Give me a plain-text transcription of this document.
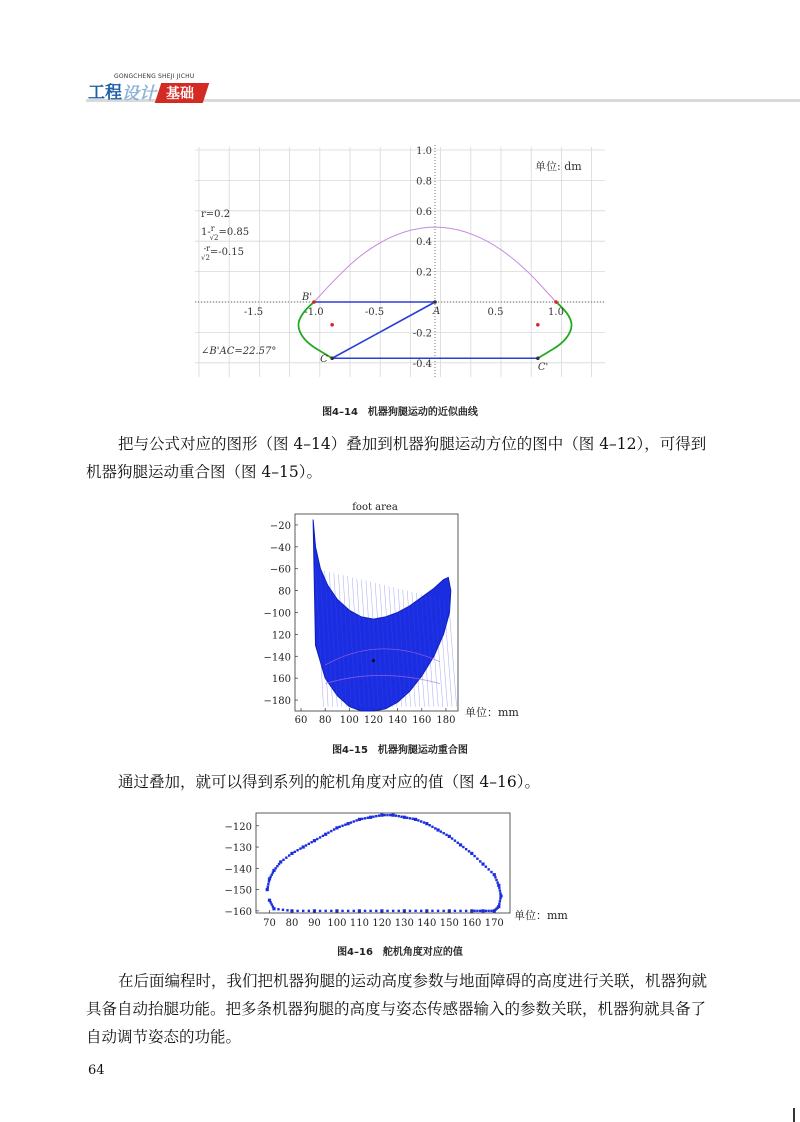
GONGCHENG SHEJI JICHU
工程 设计 基础
-1.5	-1.0	-0.5	0.5	1.0
1.0
0.8
0.6
0.4
0.2
-0.2
-0.4
B'
A
C
C'
单位: dm
r=0.2
1-$^r$ √2=0.85
$^{-r}$ √2=-0.15
∠B'AC=22.57°
图4–14　机器狗腿运动的近似曲线
把与公式对应的图形（图 4–14）叠加到机器狗腿运动方位的图中（图 4–12），可得到机器狗腿运动重合图（图 4–15）。
foot area
60 80 100 120 140 160 180
−20
−40
−60
80
−100
120
−140
160
−180
单位：mm
图4–15　机器狗腿运动重合图
通过叠加，就可以得到系列的舵机角度对应的值（图 4–16）。
70 80 90 100 110 120 130 140 150 160 170
−120
−130
−140
−150
−160	单位：mm
图4–16　舵机角度对应的值
在后面编程时，我们把机器狗腿的运动高度参数与地面障碍的高度进行关联，机器狗就具备自动抬腿功能。把多条机器狗腿的高度与姿态传感器输入的参数关联，机器狗就具备了自动调节姿态的功能。
64
